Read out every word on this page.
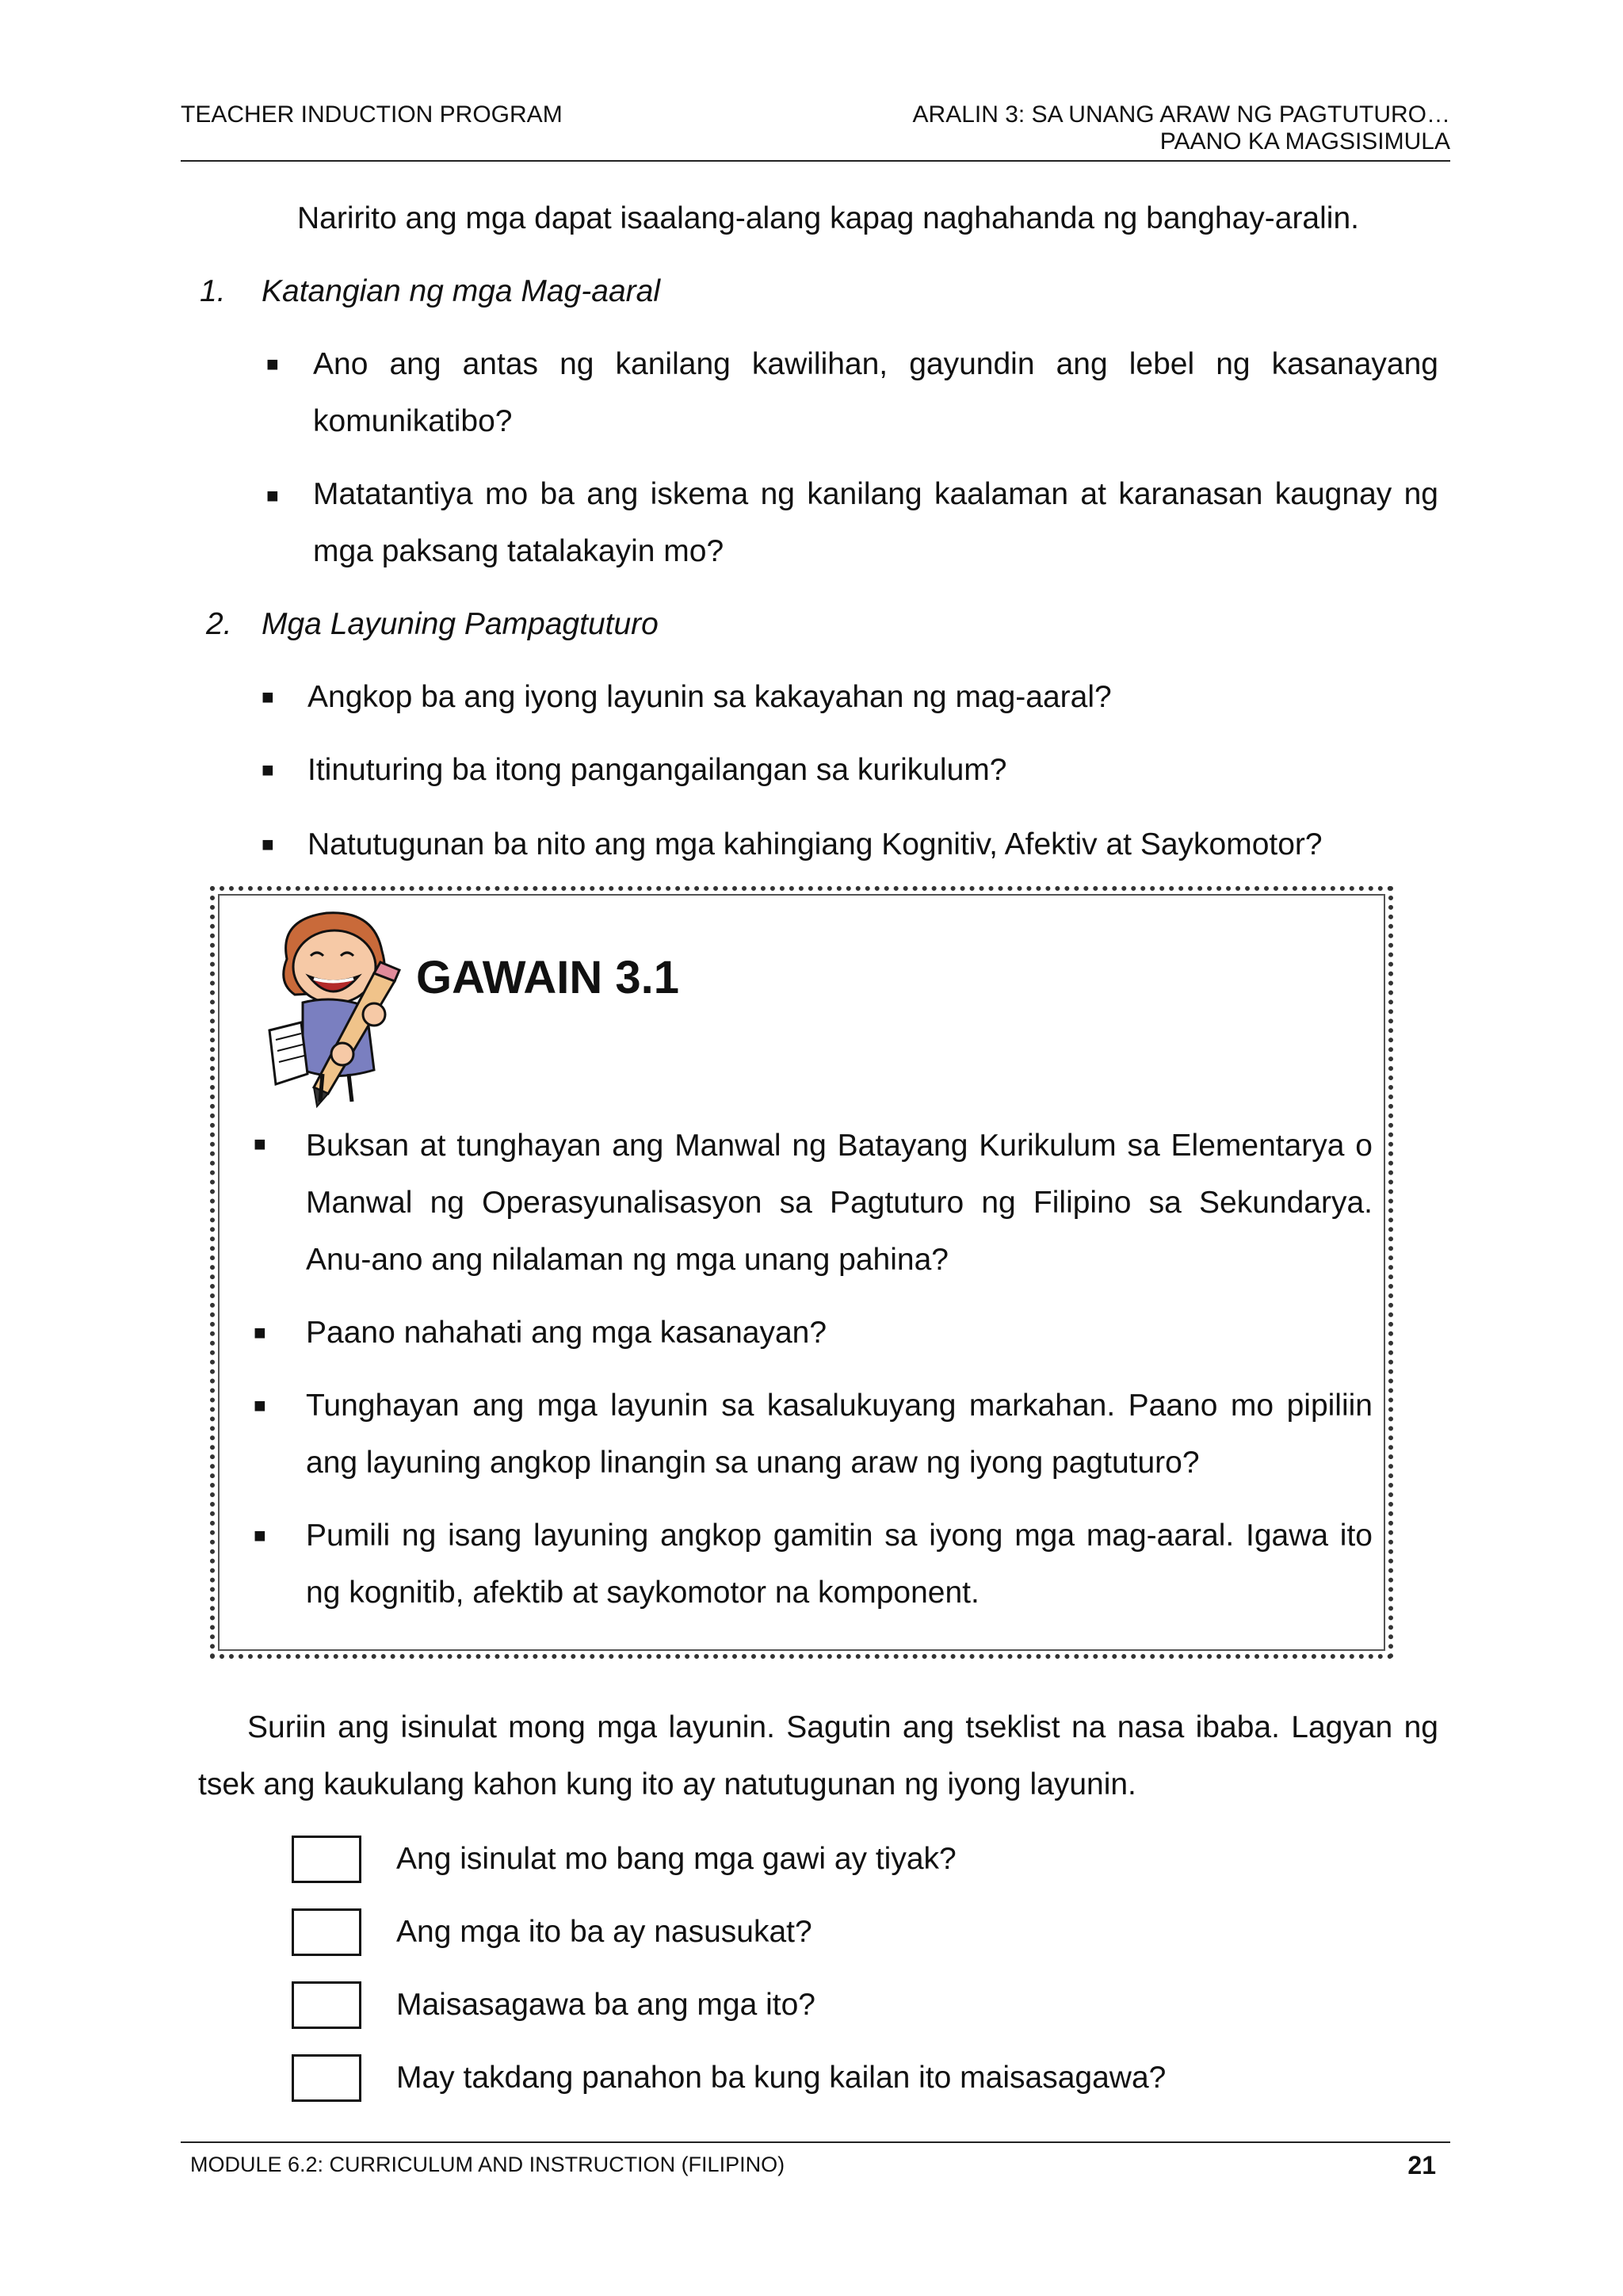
TEACHER INDUCTION PROGRAM	ARALIN 3: SA UNANG ARAW NG PAGTUTURO…
PAANO KA MAGSISIMULA
Naririto ang mga dapat isaalang-alang kapag naghahanda ng banghay-aralin.
1. Katangian ng mga Mag-aaral
■ Ano ang antas ng kanilang kawilihan, gayundin ang lebel ng kasanayang komunikatibo?
■ Matatantiya mo ba ang iskema ng kanilang kaalaman at karanasan kaugnay ng mga paksang tatalakayin mo?
2. Mga Layuning Pampagtuturo
■ Angkop ba ang iyong layunin sa kakayahan ng mag-aaral?
■ Itinuturing ba itong pangangailangan sa kurikulum?
■ Natutugunan ba nito ang mga kahingiang Kognitiv, Afektiv at Saykomotor?
GAWAIN 3.1
■ Buksan at tunghayan ang Manwal ng Batayang Kurikulum sa Elementarya o Manwal ng Operasyunalisasyon sa Pagtuturo ng Filipino sa Sekundarya. Anu-ano ang nilalaman ng mga unang pahina?
■ Paano nahahati ang mga kasanayan?
■ Tunghayan ang mga layunin sa kasalukuyang markahan. Paano mo pipiliin ang layuning angkop linangin sa unang araw ng iyong pagtuturo?
■ Pumili ng isang layuning angkop gamitin sa iyong mga mag-aaral. Igawa ito ng kognitib, afektib at saykomotor na komponent.
Suriin ang isinulat mong mga layunin. Sagutin ang tseklist na nasa ibaba. Lagyan ng tsek ang kaukulang kahon kung ito ay natutugunan ng iyong layunin.
Ang isinulat mo bang mga gawi ay tiyak?
Ang mga ito ba ay nasusukat?
Maisasagawa ba ang mga ito?
May takdang panahon ba kung kailan ito maisasagawa?
MODULE 6.2: CURRICULUM AND INSTRUCTION (FILIPINO)	21
